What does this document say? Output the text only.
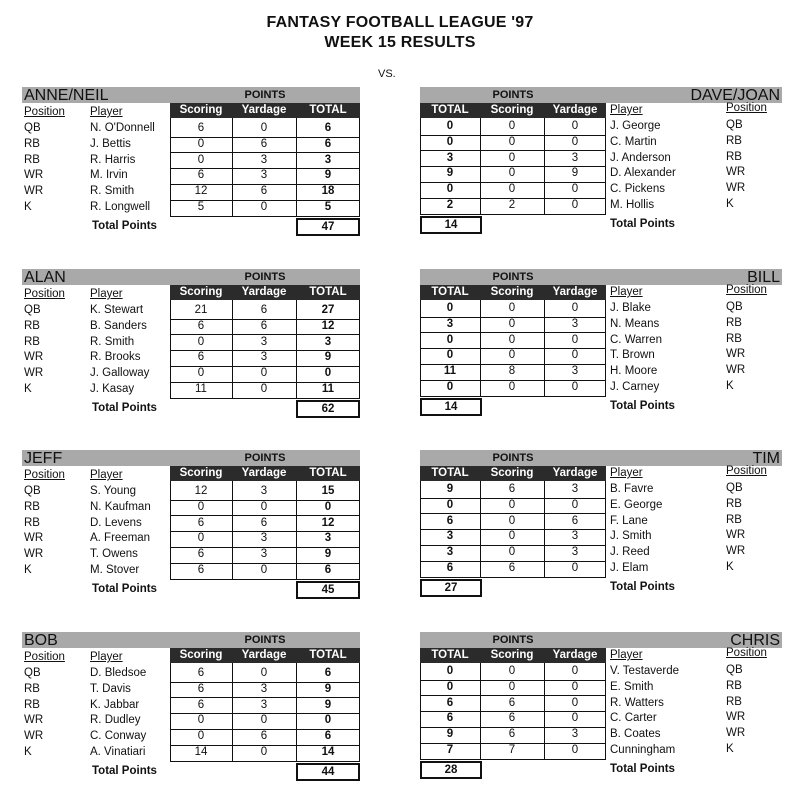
FANTASY FOOTBALL LEAGUE '97
WEEK 15 RESULTS
VS.
ANNE/NEIL	POINTS
Scoring	Yardage	TOTAL
Position Player
QB	N. O'Donnell	6	0	6
RB	J. Bettis	0	6	6
RB	R. Harris	0	3	3
WR	M. Irvin	6	3	9
WR	R. Smith	12	6	18
K	R. Longwell	5	0	5
Total Points	47
DAVE/JOAN
POINTS
TOTAL	Scoring	Yardage	Player	Position
0	0	0	J. George	QB
0	0	0	C. Martin	RB
3	0	3	J. Anderson	RB
9	0	9	D. Alexander	WR
0	0	0	C. Pickens	WR
2	2	0	M. Hollis	K
Total Points
14
ALAN	POINTS
Scoring	Yardage	TOTAL
Position Player
QB	K. Stewart	21	6	27
RB	B. Sanders	6	6	12
RB	R. Smith	0	3	3
WR	R. Brooks	6	3	9
WR	J. Galloway	0	0	0
K	J. Kasay	11	0	11
Total Points	62
BILL
POINTS
TOTAL	Scoring	Yardage	Player	Position
0	0	0	J. Blake	QB
3	0	3	N. Means	RB
0	0	0	C. Warren	RB
0	0	0	T. Brown	WR
11	8	3	H. Moore	WR
0	0	0	J. Carney	K
Total Points
14
JEFF	POINTS
Scoring	Yardage	TOTAL
Position Player
QB	S. Young	12	3	15
RB	N. Kaufman	0	0	0
RB	D. Levens	6	6	12
WR	A. Freeman	0	3	3
WR	T. Owens	6	3	9
K	M. Stover	6	0	6
Total Points	45
TIM
POINTS
TOTAL	Scoring	Yardage	Player	Position
9	6	3	B. Favre	QB
0	0	0	E. George	RB
6	0	6	F. Lane	RB
3	0	3	J. Smith	WR
3	0	3	J. Reed	WR
6	6	0	J. Elam	K
Total Points
27
BOB	POINTS
Scoring	Yardage	TOTAL
Position Player
QB	D. Bledsoe	6	0	6
RB	T. Davis	6	3	9
RB	K. Jabbar	6	3	9
WR	R. Dudley	0	0	0
WR	C. Conway	0	6	6
K	A. Vinatiari	14	0	14
Total Points	44
CHRIS
POINTS
TOTAL	Scoring	Yardage	Player	Position
0	0	0	V. Testaverde	QB
0	0	0	E. Smith	RB
6	6	0	R. Watters	RB
6	6	0	C. Carter	WR
9	6	3	B. Coates	WR
7	7	0	Cunningham	K
Total Points
28
